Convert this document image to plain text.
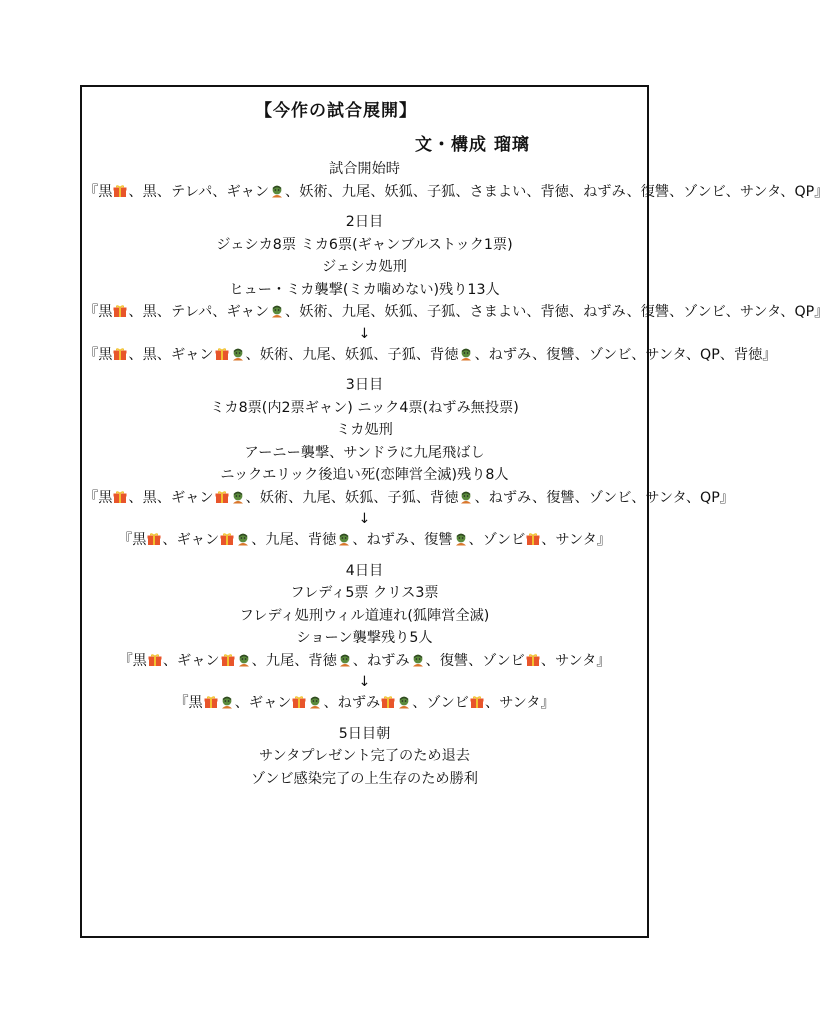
【今作の試合展開】
文・構成 瑠璃
試合開始時
『黒 、黒、テレパ、ギャン 、妖術、九尾、妖狐、子狐、さまよい、背徳、ねずみ、復讐、ゾンビ、サンタ、QP』
2日目
ジェシカ8票 ミカ6票(ギャンブルストック1票)
ジェシカ処刑
ヒュー・ミカ襲撃(ミカ噛めない)残り13人
『黒 、黒、テレパ、ギャン 、妖術、九尾、妖狐、子狐、さまよい、背徳、ねずみ、復讐、ゾンビ、サンタ、QP』
↓
『黒 、黒、ギャン 、妖術、九尾、妖狐、子狐、背徳 、ねずみ、復讐、ゾンビ、サンタ、QP、背徳』
3日目
ミカ8票(内2票ギャン) ニック4票(ねずみ無投票)
ミカ処刑
アーニー襲撃、サンドラに九尾飛ばし
ニックエリック後追い死(恋陣営全滅)残り8人
『黒 、黒、ギャン 、妖術、九尾、妖狐、子狐、背徳 、ねずみ、復讐、ゾンビ、サンタ、QP』
↓
『黒 、ギャン 、九尾、背徳 、ねずみ、復讐 、ゾンビ 、サンタ』
4日目
フレディ5票 クリス3票
フレディ処刑ウィル道連れ(狐陣営全滅)
ショーン襲撃残り5人
『黒 、ギャン 、九尾、背徳 、ねずみ 、復讐、ゾンビ 、サンタ』
↓
『黒 、ギャン 、ねずみ 、ゾンビ 、サンタ』
5日目朝
サンタプレゼント完了のため退去
ゾンビ感染完了の上生存のため勝利
